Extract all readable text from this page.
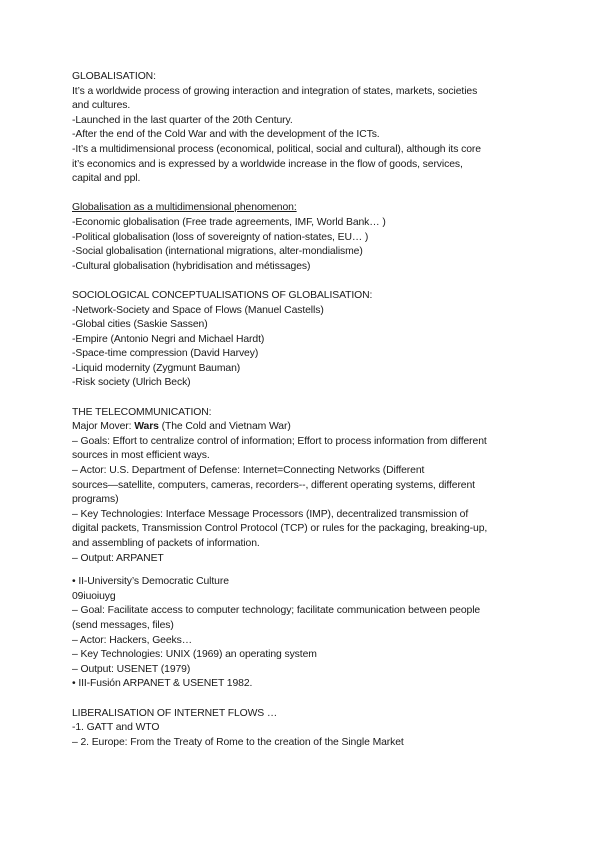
GLOBALISATION:
It’s a worldwide process of growing interaction and integration of states, markets, societies
and cultures.
-Launched in the last quarter of the 20th Century.
-After the end of the Cold War and with the development of the ICTs.
-It’s a multidimensional process (economical, political, social and cultural), although its core
it’s economics and is expressed by a worldwide increase in the flow of goods, services,
capital and ppl.
Globalisation as a multidimensional phenomenon:
-Economic globalisation (Free trade agreements, IMF, World Bank… )
-Political globalisation (loss of sovereignty of nation-states, EU… )
-Social globalisation (international migrations, alter-mondialisme)
-Cultural globalisation (hybridisation and métissages)
SOCIOLOGICAL CONCEPTUALISATIONS OF GLOBALISATION:
-Network-Society and Space of Flows (Manuel Castells)
-Global cities (Saskie Sassen)
-Empire (Antonio Negri and Michael Hardt)
-Space-time compression (David Harvey)
-Liquid modernity (Zygmunt Bauman)
-Risk society (Ulrich Beck)
THE TELECOMMUNICATION:
Major Mover: Wars (The Cold and Vietnam War)
– Goals: Effort to centralize control of information; Effort to process information from different
sources in most efficient ways.
– Actor: U.S. Department of Defense: Internet=Connecting Networks (Different
sources—satellite, computers, cameras, recorders--, different operating systems, different
programs)
– Key Technologies: Interface Message Processors (IMP), decentralized transmission of
digital packets, Transmission Control Protocol (TCP) or rules for the packaging, breaking-up,
and assembling of packets of information.
– Output: ARPANET
• II-University’s Democratic Culture
09iuoiuyg
– Goal: Facilitate access to computer technology; facilitate communication between people
(send messages, files)
– Actor: Hackers, Geeks…
– Key Technologies: UNIX (1969) an operating system
– Output: USENET (1979)
• III-Fusión ARPANET & USENET 1982.
LIBERALISATION OF INTERNET FLOWS …
-1. GATT and WTO
– 2. Europe: From the Treaty of Rome to the creation of the Single Market
